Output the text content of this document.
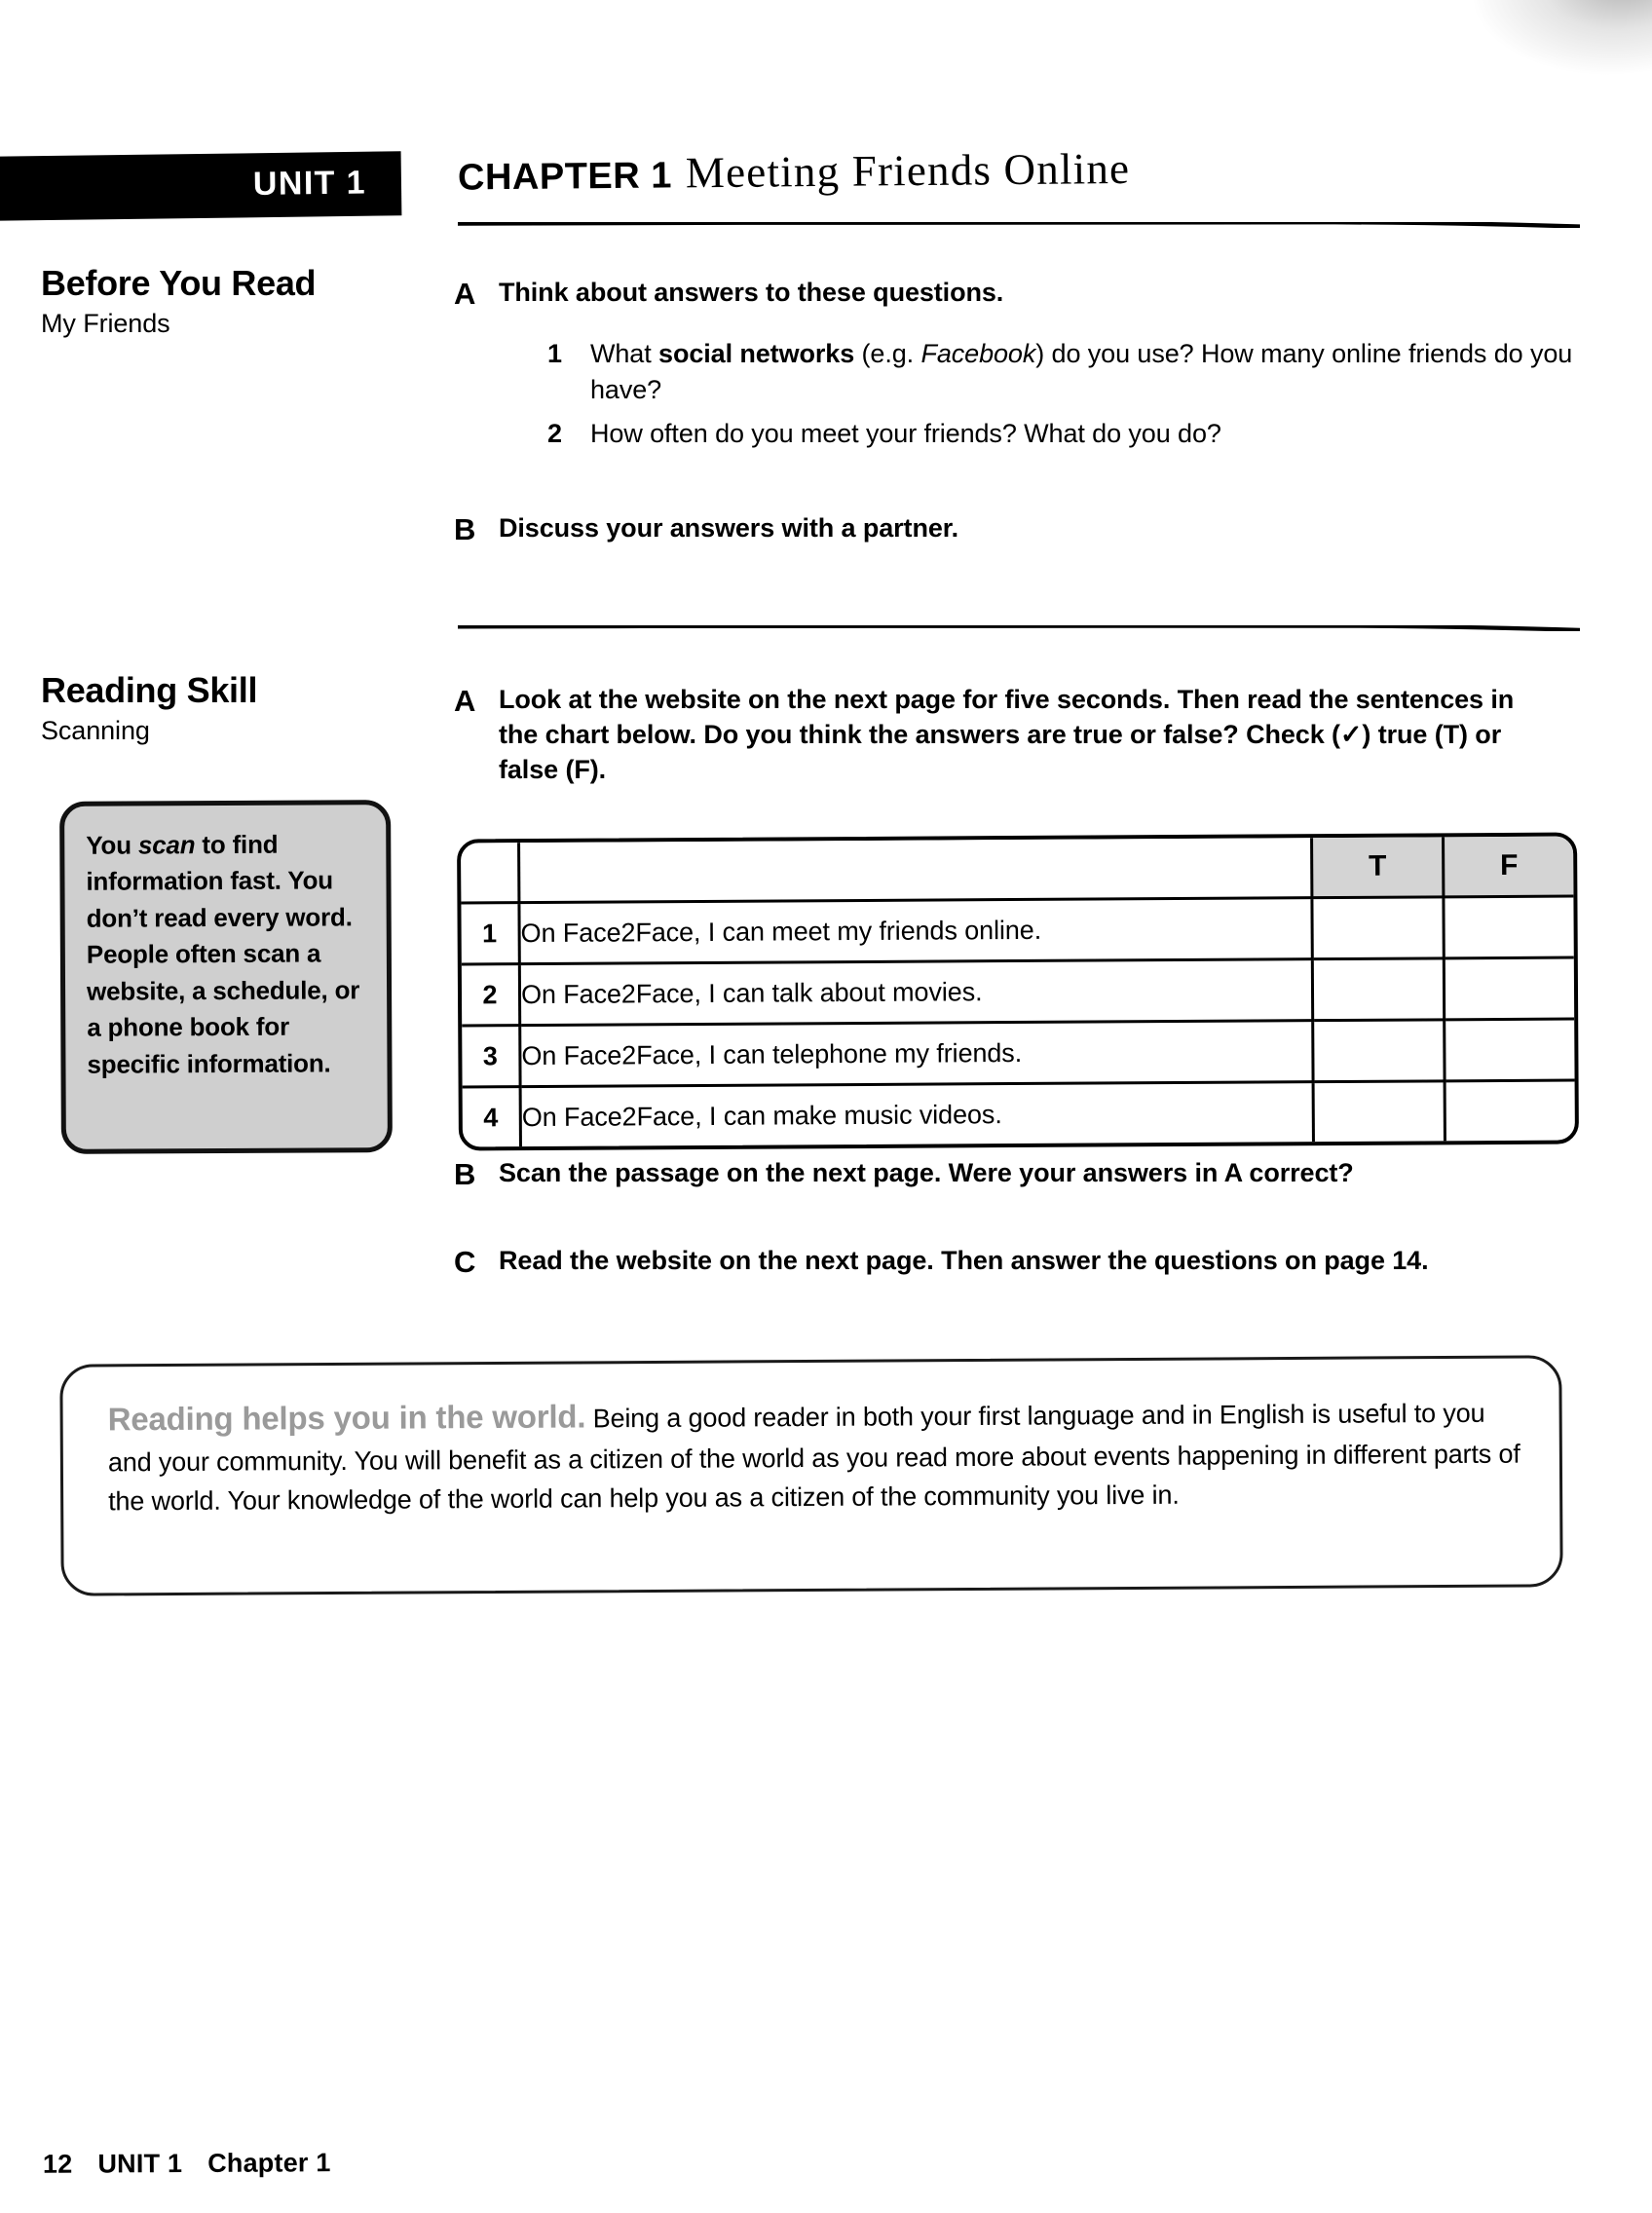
UNIT 1 CHAPTER 1 Meeting Friends Online
Before You Read
My Friends
A Think about answers to these questions.
1	What social networks (e.g. Facebook) do you use? How many online friends do you have?
2	How often do you meet your friends? What do you do?
B Discuss your answers with a partner.
Reading Skill
Scanning
You scan to find information fast. You don’t read every word. People often scan a website, a schedule, or a phone book for specific information.
A Look at the website on the next page for five seconds. Then read the sentences in the chart below. Do you think the answers are true or false? Check (✓) true (T) or false (F).
		T	F
1	On Face2Face, I can meet my friends online.		
2	On Face2Face, I can talk about movies.		
3	On Face2Face, I can telephone my friends.		
4	On Face2Face, I can make music videos.		
B Scan the passage on the next page. Were your answers in A correct?
C Read the website on the next page. Then answer the questions on page 14.
Reading helps you in the world. Being a good reader in both your first language and in English is useful to you and your community. You will benefit as a citizen of the world as you read more about events happening in different parts of the world. Your knowledge of the world can help you as a citizen of the community you live in.
12 UNIT 1 Chapter 1
